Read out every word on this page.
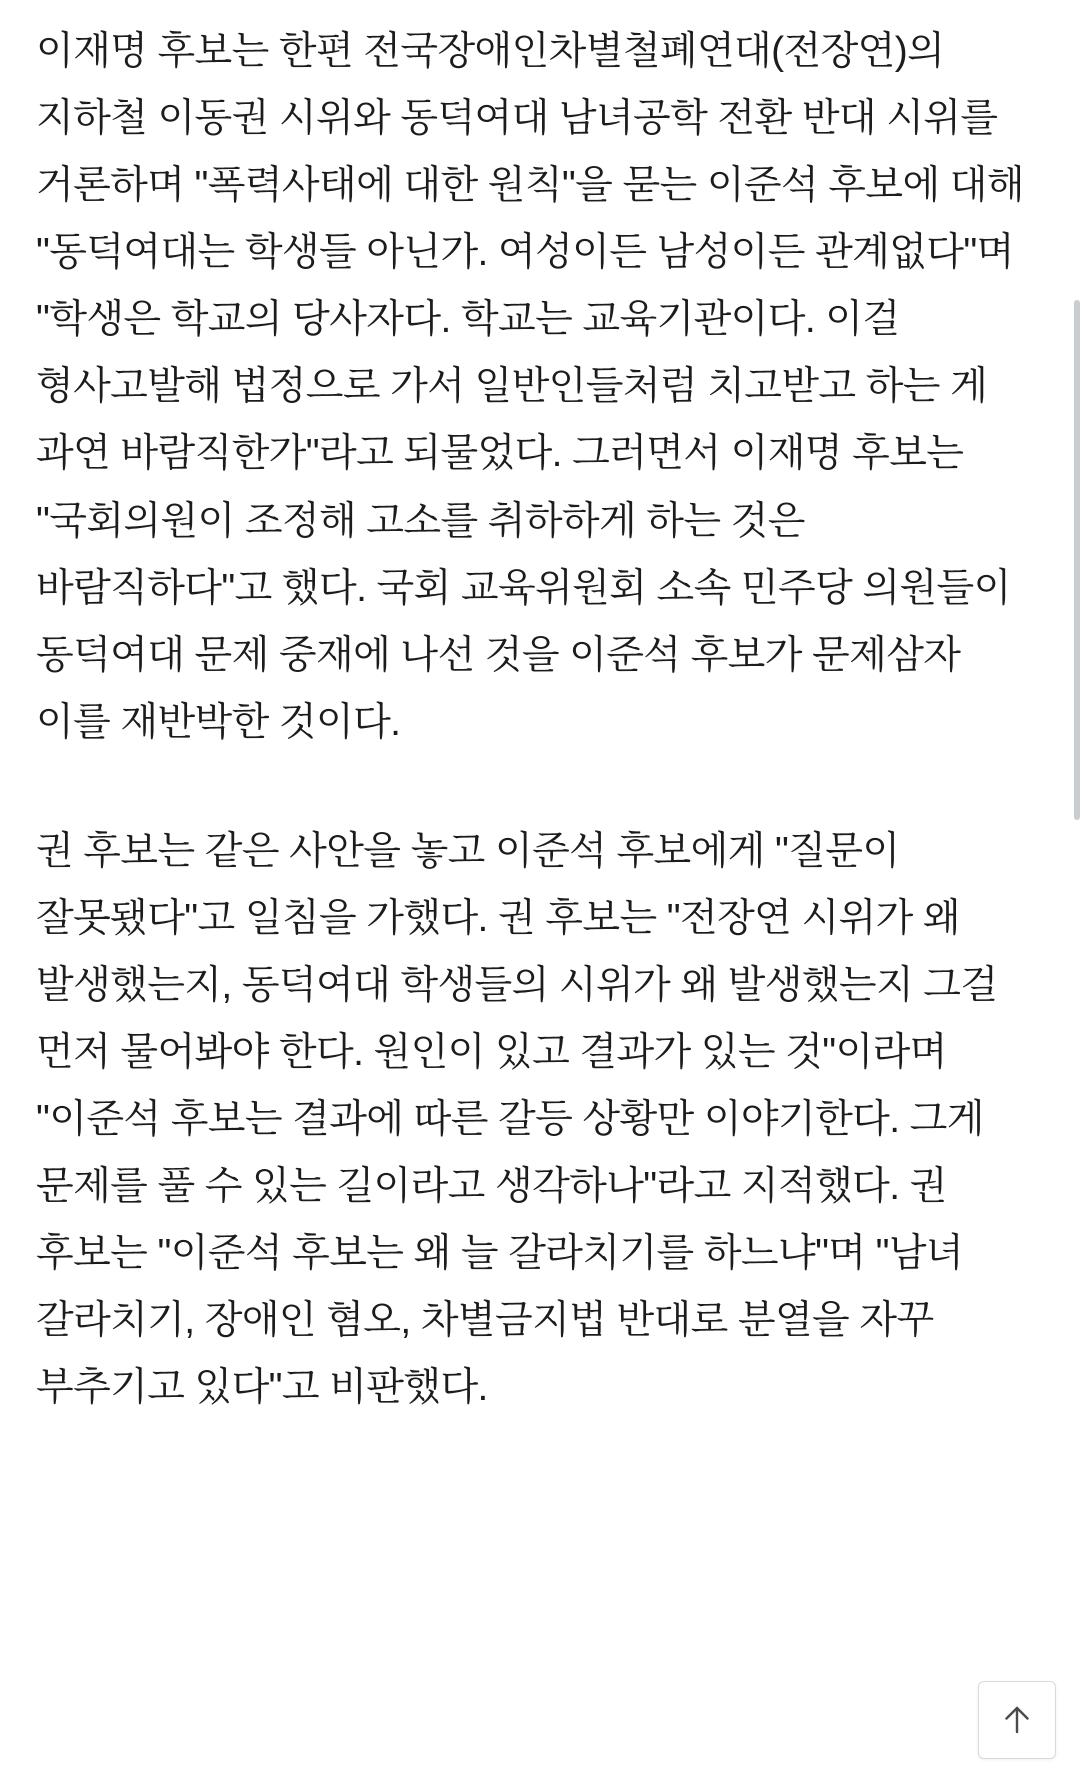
이재명 후보는 한편 전국장애인차별철폐연대(전장연)의 지하철 이동권 시위와 동덕여대 남녀공학 전환 반대 시위를 거론하며 "폭력사태에 대한 원칙"을 묻는 이준석 후보에 대해 "동덕여대는 학생들 아닌가. 여성이든 남성이든 관계없다"며 "학생은 학교의 당사자다. 학교는 교육기관이다. 이걸 형사고발해 법정으로 가서 일반인들처럼 치고받고 하는 게 과연 바람직한가"라고 되물었다. 그러면서 이재명 후보는 "국회의원이 조정해 고소를 취하하게 하는 것은 바람직하다"고 했다. 국회 교육위원회 소속 민주당 의원들이 동덕여대 문제 중재에 나선 것을 이준석 후보가 문제삼자 이를 재반박한 것이다.

권 후보는 같은 사안을 놓고 이준석 후보에게 "질문이 잘못됐다"고 일침을 가했다. 권 후보는 "전장연 시위가 왜 발생했는지, 동덕여대 학생들의 시위가 왜 발생했는지 그걸 먼저 물어봐야 한다. 원인이 있고 결과가 있는 것"이라며 "이준석 후보는 결과에 따른 갈등 상황만 이야기한다. 그게 문제를 풀 수 있는 길이라고 생각하나"라고 지적했다. 권 후보는 "이준석 후보는 왜 늘 갈라치기를 하느냐"며 "남녀 갈라치기, 장애인 혐오, 차별금지법 반대로 분열을 자꾸 부추기고 있다"고 비판했다.
